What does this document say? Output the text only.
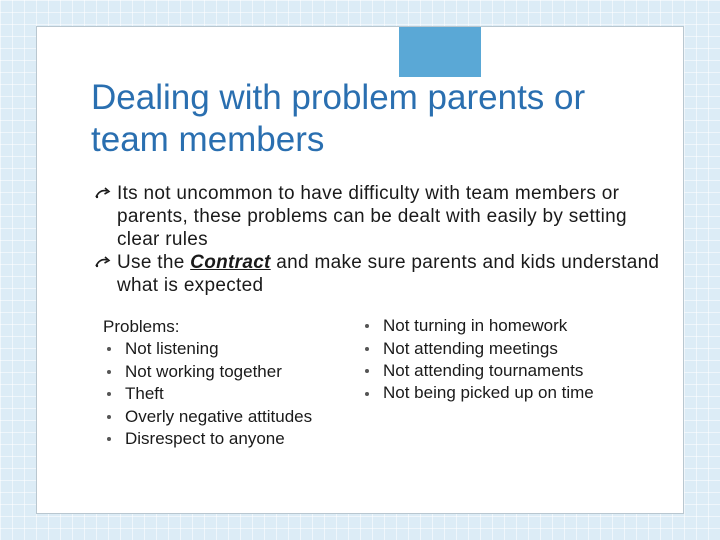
Dealing with problem parents or team members
Its not uncommon to have difficulty with team members or parents, these problems can be dealt with easily by setting clear rules
Use the Contract and make sure parents and kids understand what is expected
Problems:
Not listening
Not working together
Theft
Overly negative attitudes
Disrespect to anyone
Not turning in homework
Not attending meetings
Not attending tournaments
Not being picked up on time
